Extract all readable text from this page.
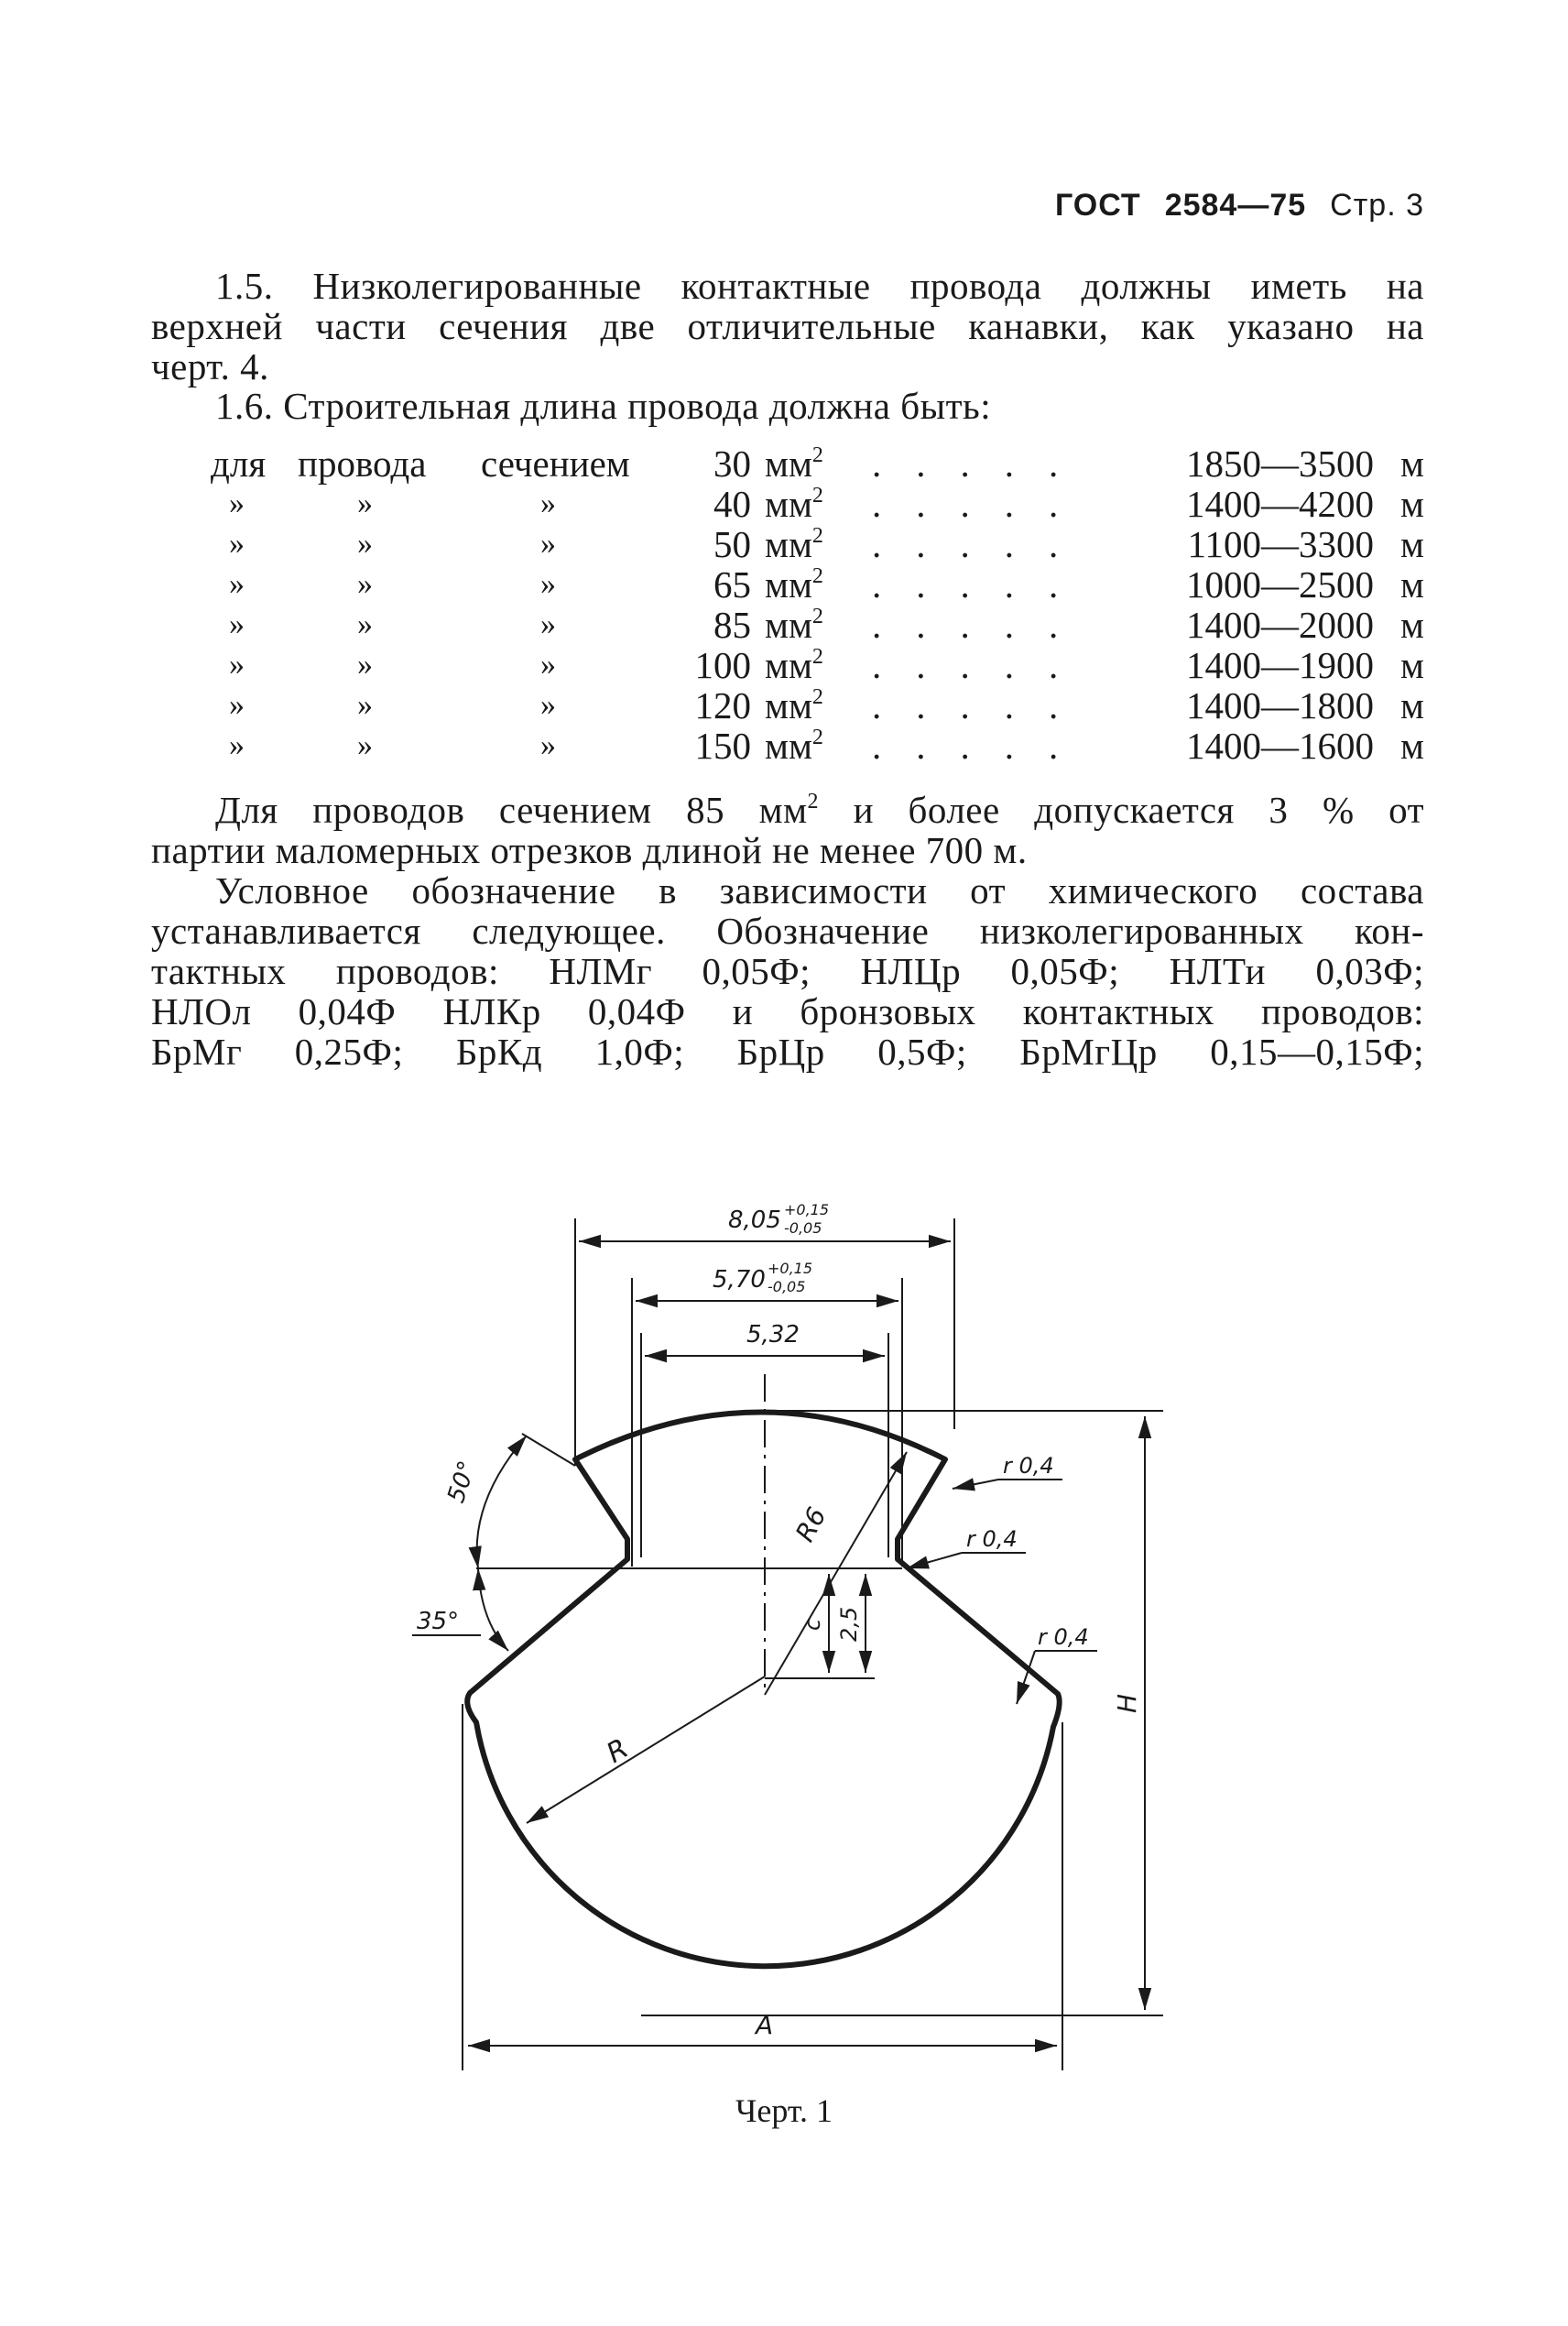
ГОСТ 2584—75 Стр. 3
1.5. Низколегированные контактные провода должны иметь на
верхней части сечения две отличительные канавки, как указано на
черт. 4.
1.6. Строительная длина провода должна быть:
для провода сечением	30 $мм^2$ ..... 1850—3500 м
»	»	»	40 $мм^2$ ..... 1400—4200 м
»	»	»	50 $мм^2$ .....	1100—3300 м
»	»	»	65 $мм^2$ ..... 1000—2500 м
»	»	»	85 $мм^2$ ..... 1400—2000 м
»	»	»	100 $мм^2$ ..... 1400—1900 м
»	»	»	120 $мм^2$ ..... 1400—1800 м
»	»	»	150 $мм^2$ ..... 1400—1600 м
Для проводов сечением 85 $мм^2$ и более допускается 3 % от
партии маломерных отрезков длиной не менее 700 м.
Условное обозначение в зависимости от химического состава
устанавливается следующее. Обозначение низколегированных кон-
тактных проводов: НЛМг 0,05Ф; НЛЦр 0,05Ф; НЛТи 0,03Ф;
НЛОл 0,04Ф НЛКр 0,04Ф и бронзовых контактных проводов:
БрМг 0,25Ф; БрКд 1,0Ф; БрЦр 0,5Ф; БрМгЦр 0,15—0,15Ф;
8,05 +0,15
-0,05
5,70 +0,15
-0,05
5,32
R6
R
c 2,5
H
A
r 0,4
r 0,4
r 0,4
50°
35°
Черт. 1
